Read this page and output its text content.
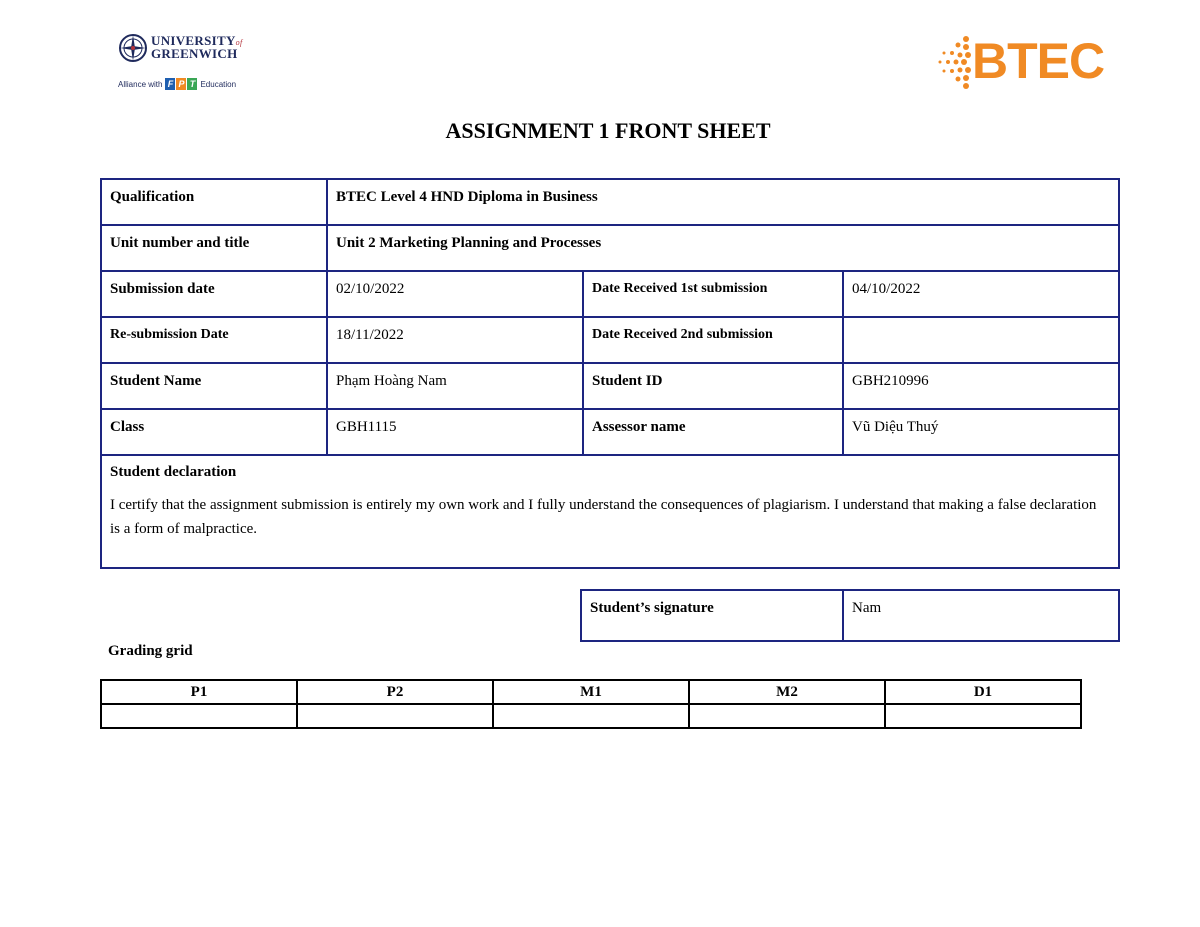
UNIVERSITYof
GREENWICH
Alliance with F P T Education	BTEC
ASSIGNMENT 1 FRONT SHEET
Qualification	BTEC Level 4 HND Diploma in Business		
Unit number and title	Unit 2 Marketing Planning and Processes		
Submission date	02/10/2022	Date Received 1st submission	04/10/2022
Re-submission Date	18/11/2022	Date Received 2nd submission	
Student Name	Phạm Hoàng Nam	Student ID	GBH210996
Class	GBH1115	Assessor name	Vũ Diệu Thuý

Student declaration
I certify that the assignment submission is entirely my own work and I fully understand the consequences of plagiarism. I understand that making a false declaration is a form of malpractice.			
Student’s signature	Nam
Grading grid
P1	P2	M1	M2	D1
